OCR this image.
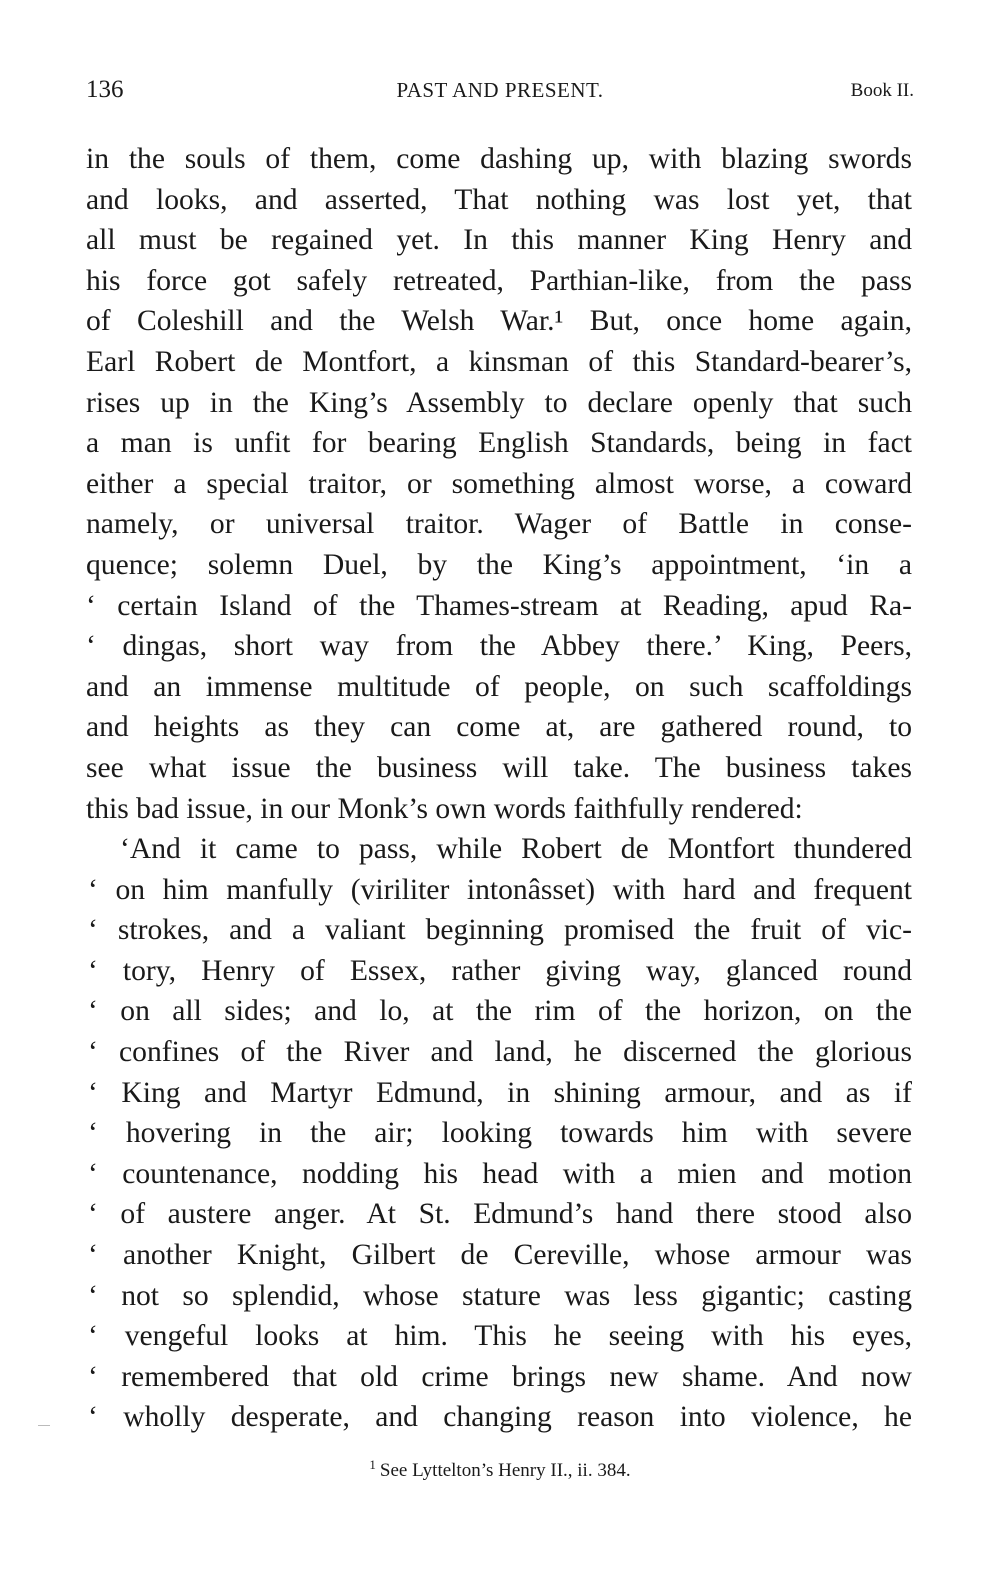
136	PAST AND PRESENT.	Book II.
in the souls of them, come dashing up, with blazing swords
and looks, and asserted, That nothing was lost yet, that
all must be regained yet. In this manner King Henry and
his force got safely retreated, Parthian-like, from the pass
of Coleshill and the Welsh War.¹ But, once home again,
Earl Robert de Montfort, a kinsman of this Standard-bearer’s,
rises up in the King’s Assembly to declare openly that such
a man is unfit for bearing English Standards, being in fact
either a special traitor, or something almost worse, a coward
namely, or universal traitor. Wager of Battle in conse-
quence; solemn Duel, by the King’s appointment, ‘in a
‘ certain Island of the Thames-stream at Reading, apud Ra-
‘ dingas, short way from the Abbey there.’ King, Peers,
and an immense multitude of people, on such scaffoldings
and heights as they can come at, are gathered round, to
see what issue the business will take. The business takes
this bad issue, in our Monk’s own words faithfully rendered:
‘And it came to pass, while Robert de Montfort thundered
‘ on him manfully (viriliter intonâsset) with hard and frequent
‘ strokes, and a valiant beginning promised the fruit of vic-
‘ tory, Henry of Essex, rather giving way, glanced round
‘ on all sides; and lo, at the rim of the horizon, on the
‘ confines of the River and land, he discerned the glorious
‘ King and Martyr Edmund, in shining armour, and as if
‘ hovering in the air; looking towards him with severe
‘ countenance, nodding his head with a mien and motion
‘ of austere anger. At St. Edmund’s hand there stood also
‘ another Knight, Gilbert de Cereville, whose armour was
‘ not so splendid, whose stature was less gigantic; casting
‘ vengeful looks at him. This he seeing with his eyes,
‘ remembered that old crime brings new shame. And now
‘ wholly desperate, and changing reason into violence, he
$^1$ See Lyttelton’s Henry II., ii. 384.
